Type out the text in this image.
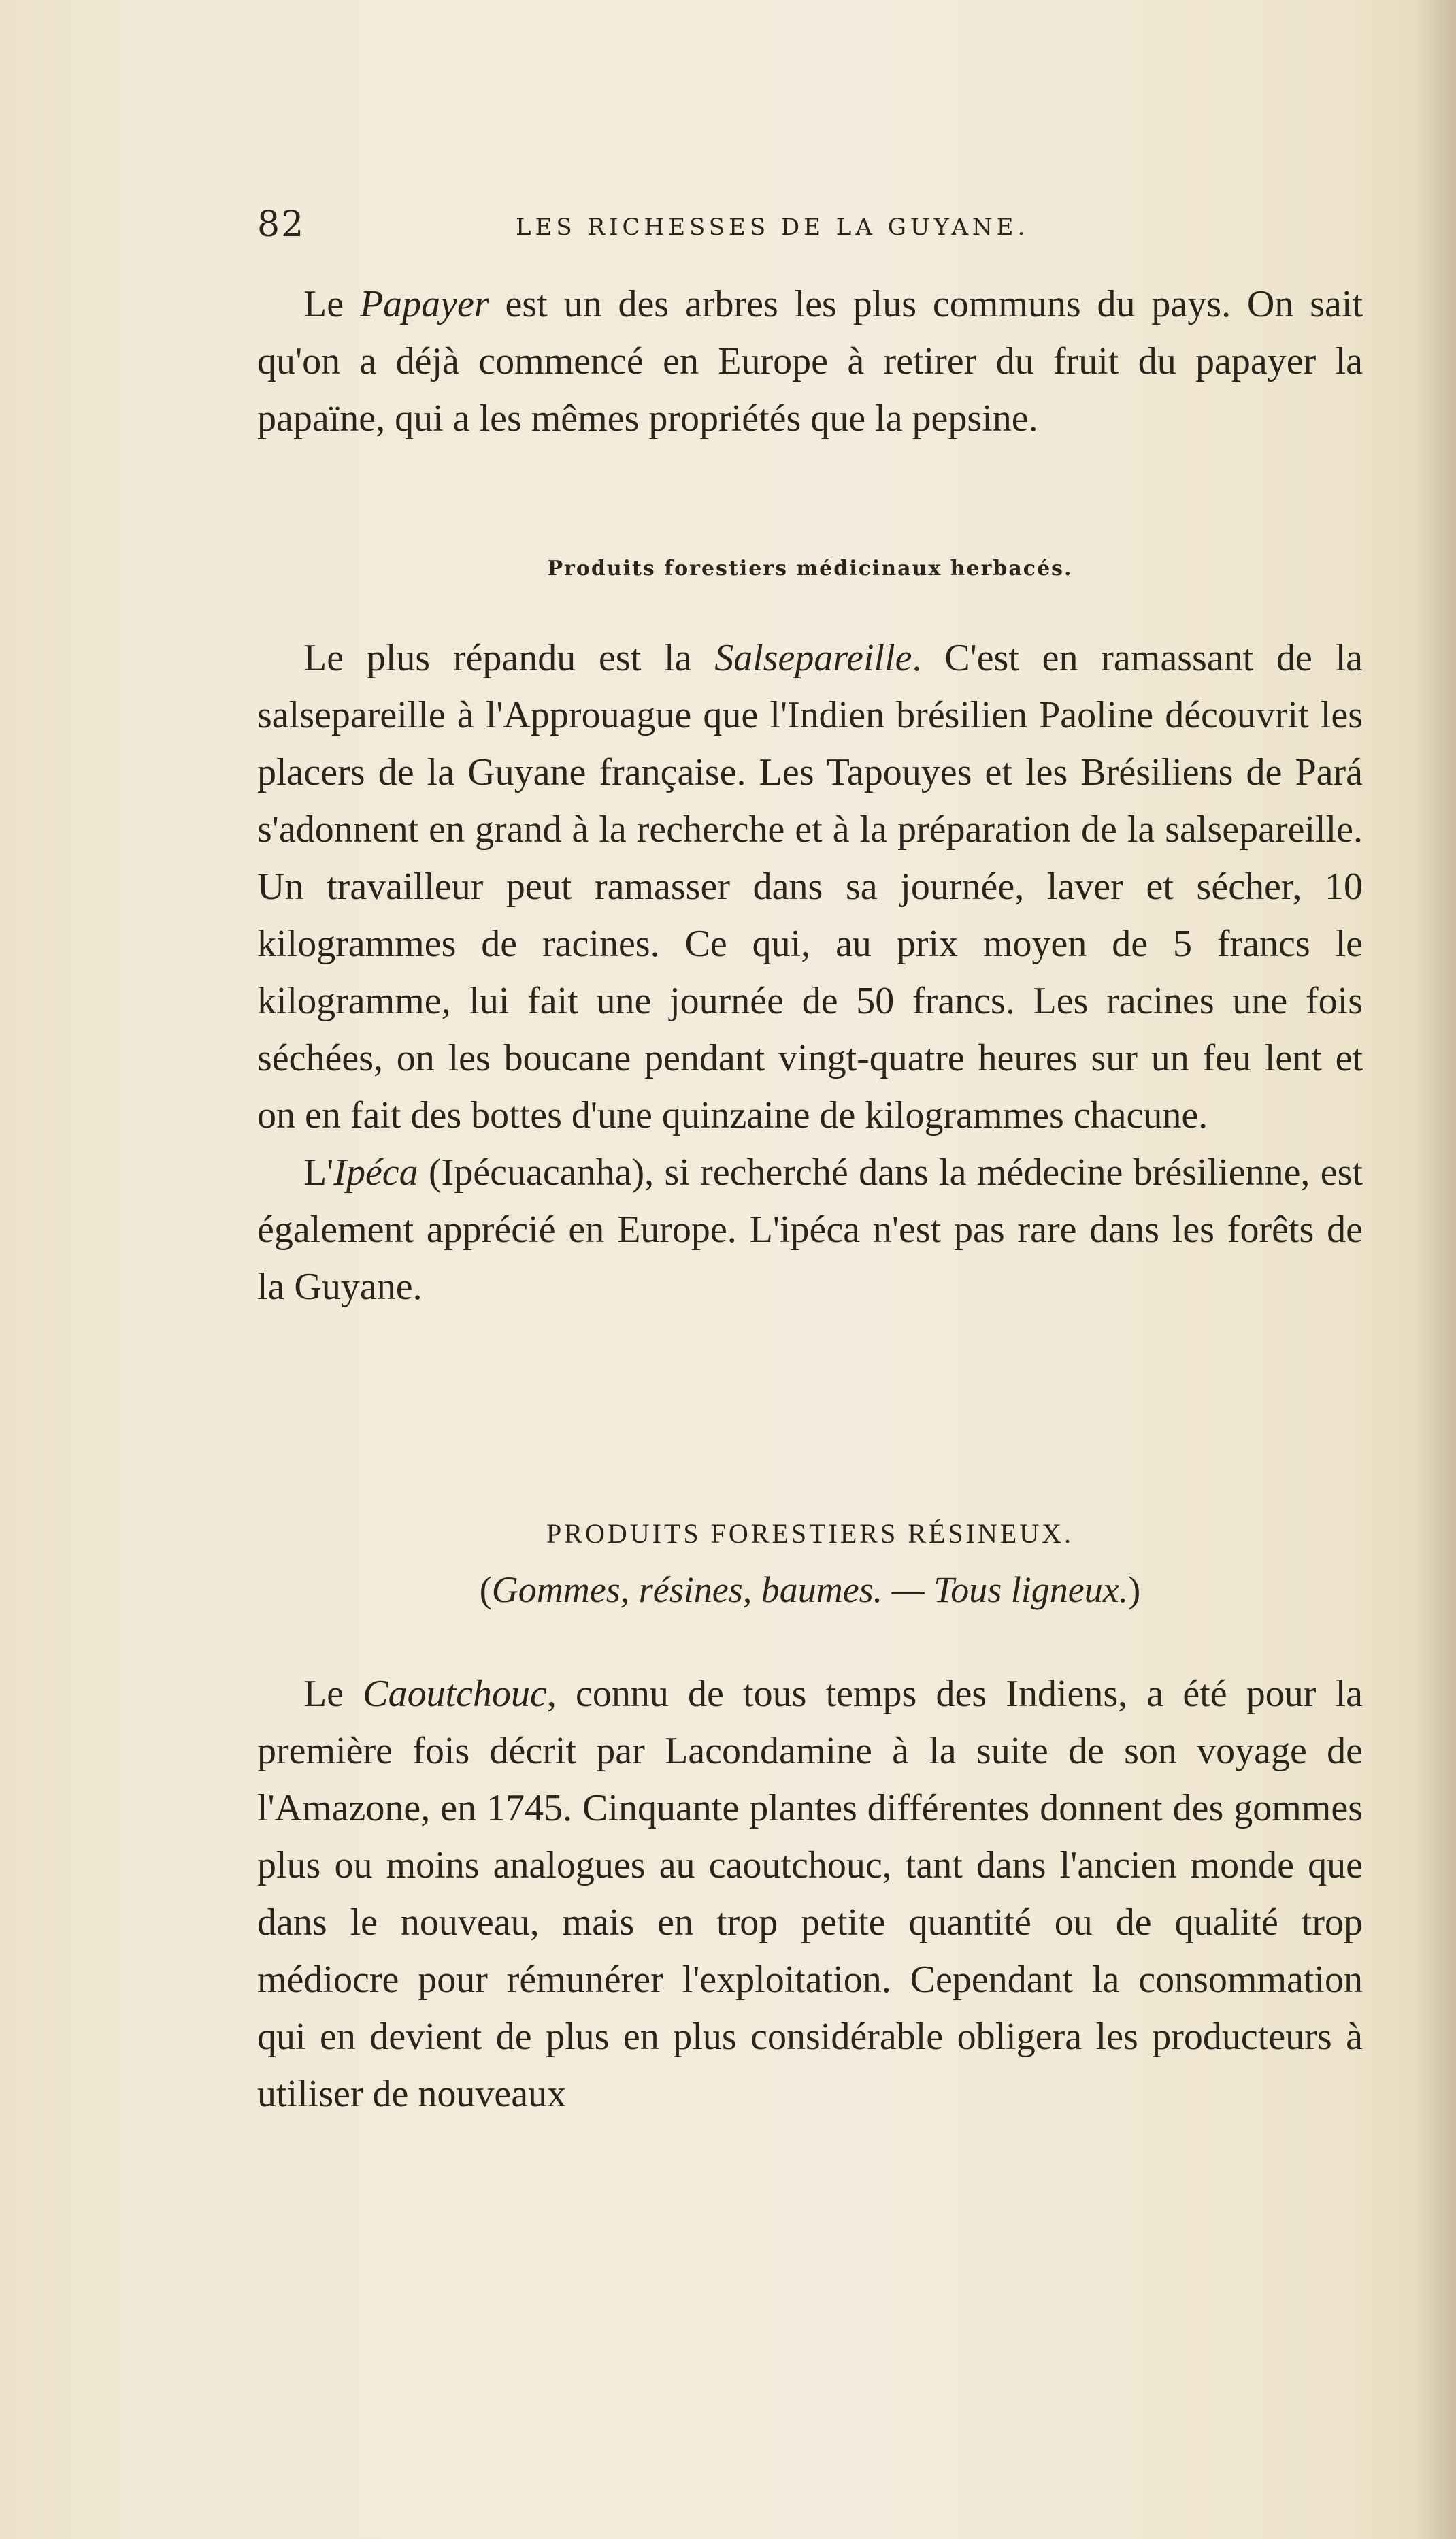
82	LES RICHESSES DE LA GUYANE.

Le Papayer est un des arbres les plus communs du pays. On sait qu'on a déjà commencé en Europe à retirer du fruit du papayer la papaïne, qui a les mêmes propriétés que la pepsine.

Produits forestiers médicinaux herbacés.

Le plus répandu est la Salsepareille. C'est en ramassant de la salsepareille à l'Approuague que l'Indien brésilien Paoline découvrit les placers de la Guyane française. Les Tapouyes et les Brésiliens de Pará s'adonnent en grand à la recherche et à la préparation de la salsepareille. Un travailleur peut ramasser dans sa journée, laver et sécher, 10 kilogrammes de racines. Ce qui, au prix moyen de 5 francs le kilogramme, lui fait une journée de 50 francs. Les racines une fois séchées, on les boucane pendant vingt-quatre heures sur un feu lent et on en fait des bottes d'une quinzaine de kilogrammes chacune.

L'Ipéca (Ipécuacanha), si recherché dans la médecine brésilienne, est également apprécié en Europe. L'ipéca n'est pas rare dans les forêts de la Guyane.

PRODUITS FORESTIERS RÉSINEUX.
(Gommes, résines, baumes. — Tous ligneux.)

Le Caoutchouc, connu de tous temps des Indiens, a été pour la première fois décrit par Lacondamine à la suite de son voyage de l'Amazone, en 1745. Cinquante plantes différentes donnent des gommes plus ou moins analogues au caoutchouc, tant dans l'ancien monde que dans le nouveau, mais en trop petite quantité ou de qualité trop médiocre pour rémunérer l'exploitation. Cependant la consommation qui en devient de plus en plus considérable obligera les producteurs à utiliser de nouveaux
